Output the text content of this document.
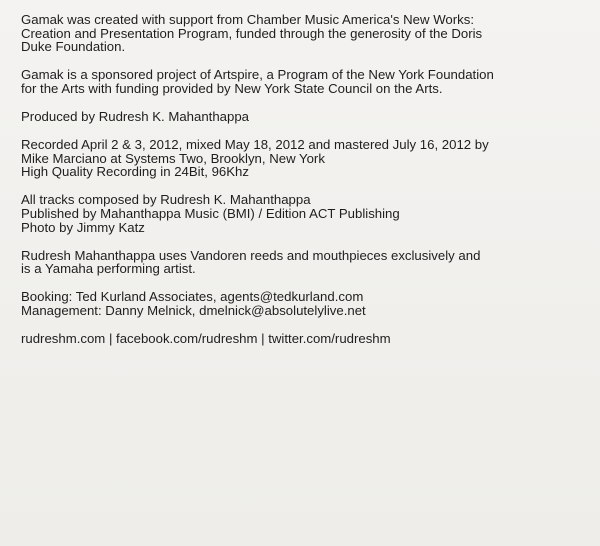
Gamak was created with support from Chamber Music America's New Works:
Creation and Presentation Program, funded through the generosity of the Doris
Duke Foundation.

Gamak is a sponsored project of Artspire, a Program of the New York Foundation
for the Arts with funding provided by New York State Council on the Arts.

Produced by Rudresh K. Mahanthappa

Recorded April 2 & 3, 2012, mixed May 18, 2012 and mastered July 16, 2012 by
Mike Marciano at Systems Two, Brooklyn, New York
High Quality Recording in 24Bit, 96Khz

All tracks composed by Rudresh K. Mahanthappa
Published by Mahanthappa Music (BMI) / Edition ACT Publishing
Photo by Jimmy Katz

Rudresh Mahanthappa uses Vandoren reeds and mouthpieces exclusively and
is a Yamaha performing artist.

Booking: Ted Kurland Associates, agents@tedkurland.com
Management: Danny Melnick, dmelnick@absolutelylive.net

rudreshm.com | facebook.com/rudreshm | twitter.com/rudreshm
